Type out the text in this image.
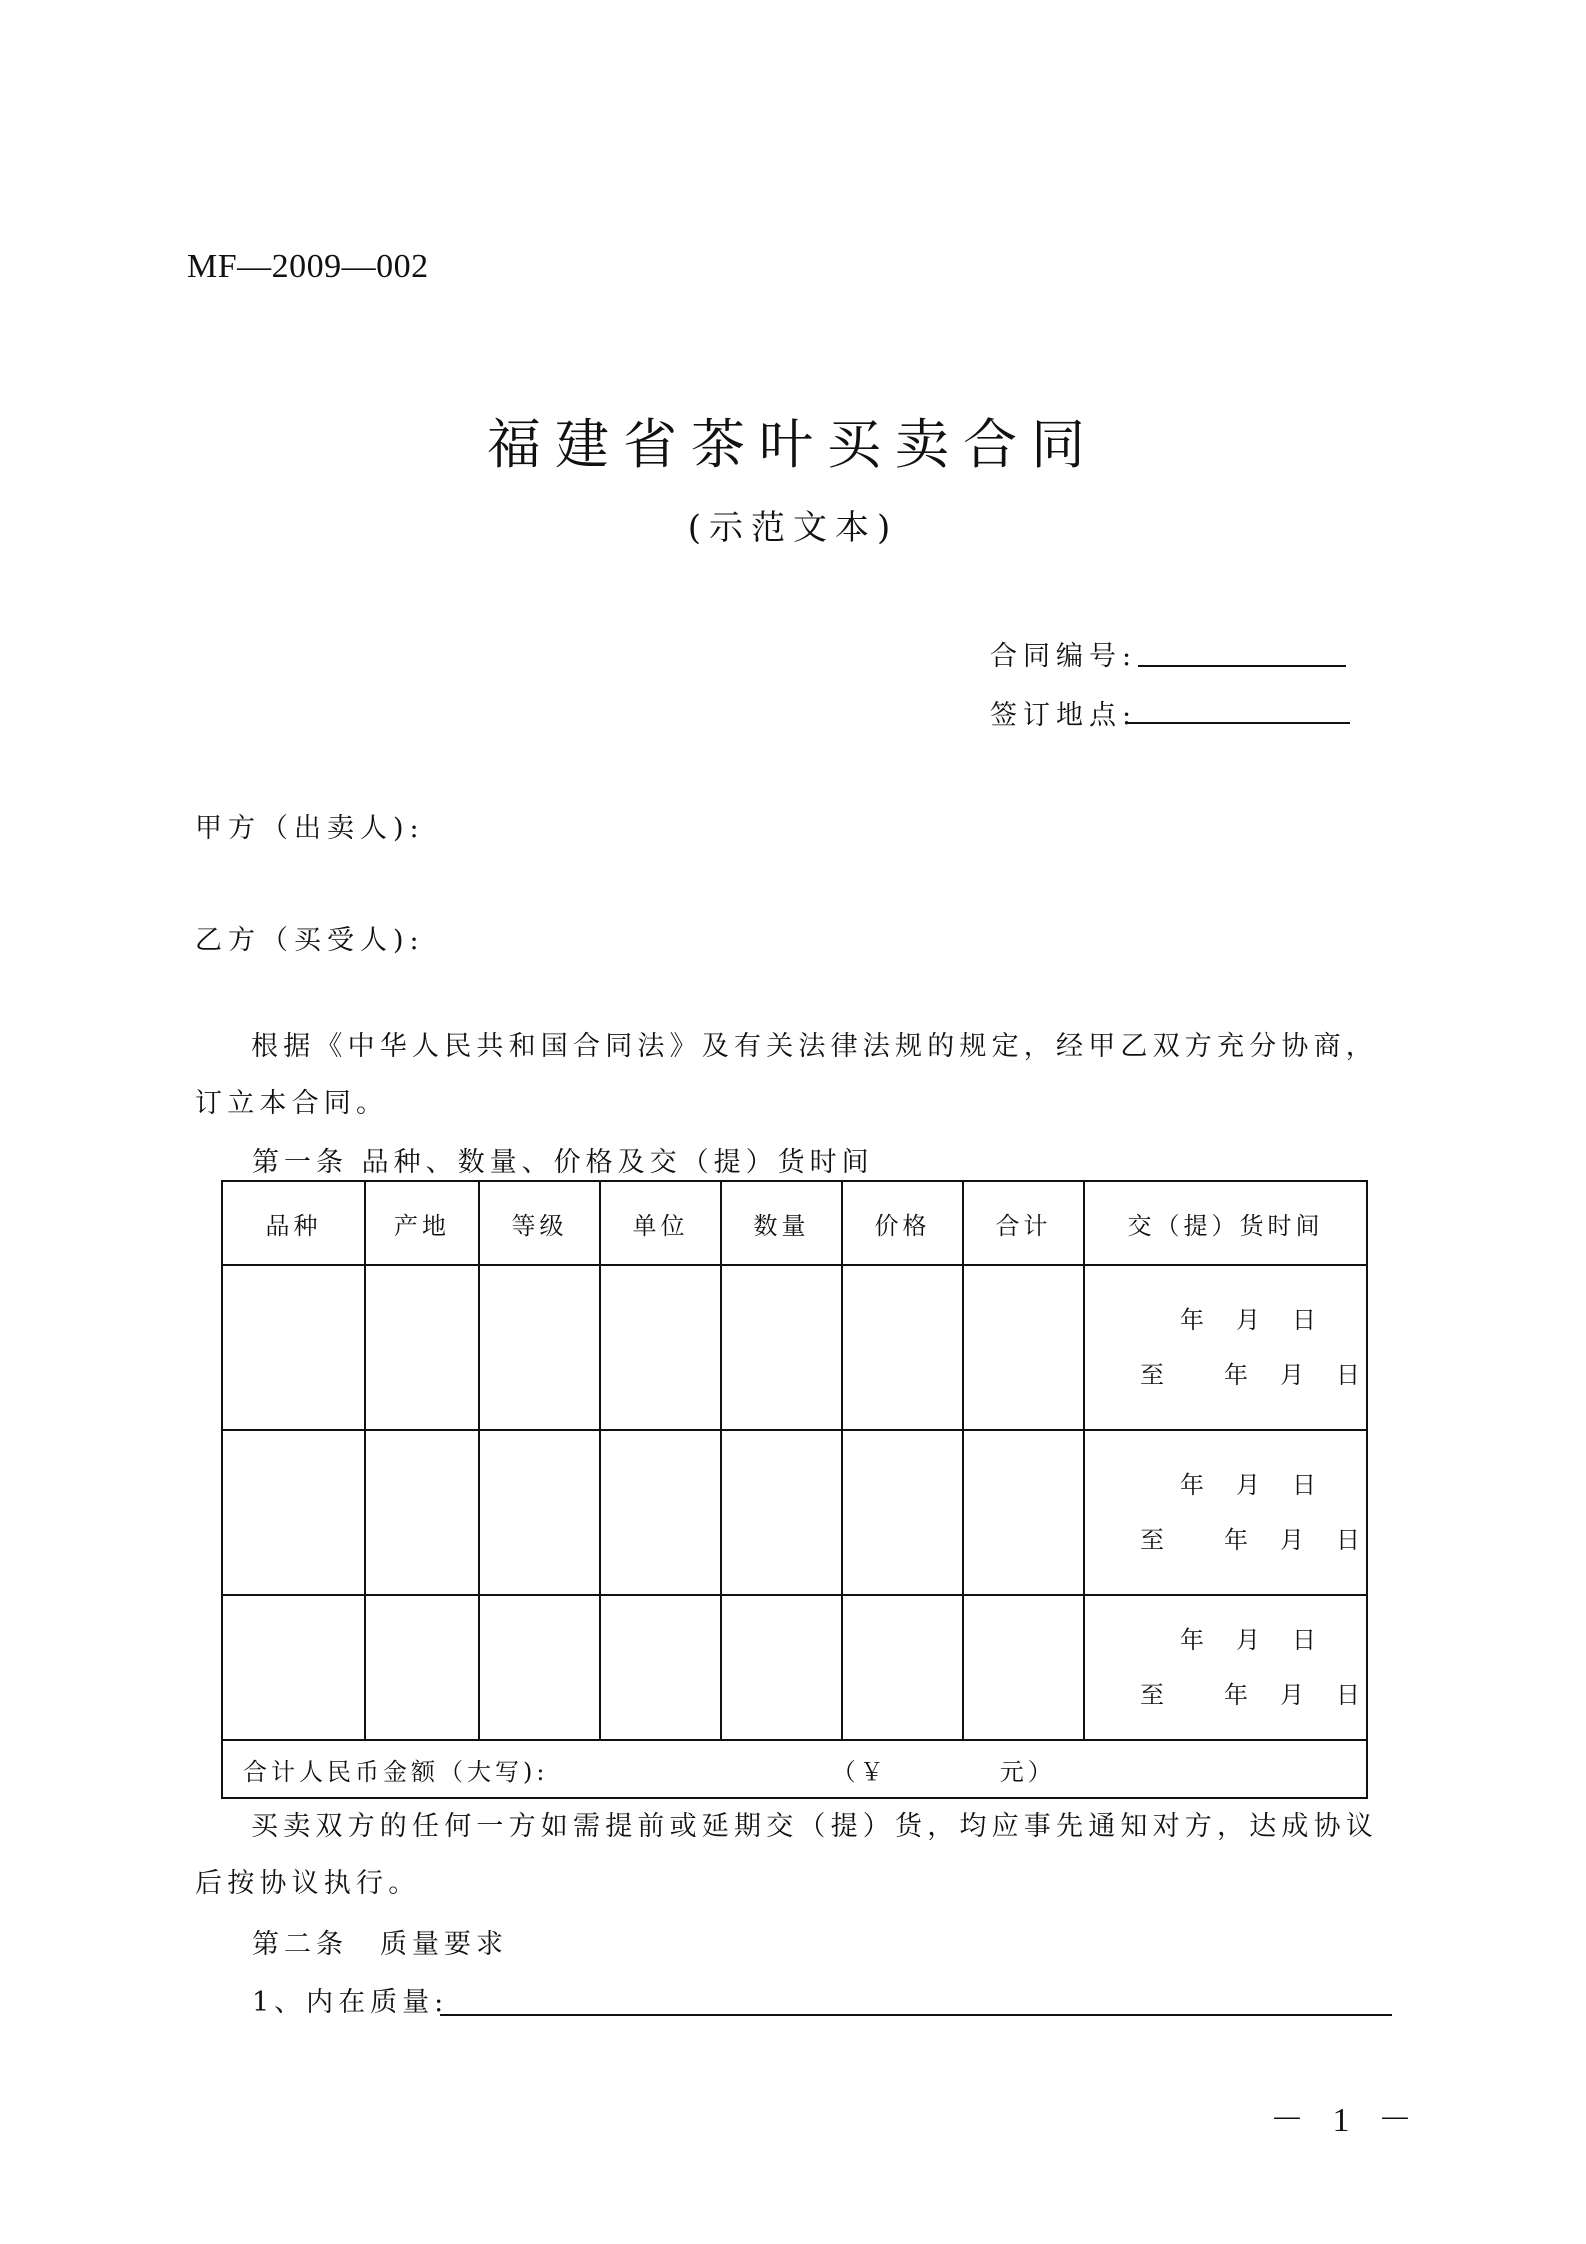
MF—2009—002
福建省茶叶买卖合同
(示范文本)
合同编号:
签订地点:
甲方（出卖人):
乙方（买受人):
根据《中华人民共和国合同法》及有关法律法规的规定，经甲乙双方充分协商，订立本合同。
第一条 品种、数量、价格及交（提）货时间
品种	产地	等级	单位	数量	价格	合计	交（提）货时间

							年　月　日
至　　年　月　日

							年　月　日
至　　年　月　日

							年　月　日
至　　年　月　日

合计人民币金额（大写): （￥　　　　元）							
买卖双方的任何一方如需提前或延期交（提）货，均应事先通知对方，达成协议后按协议执行。
第二条　质量要求
1、内在质量:
－ 1 －
